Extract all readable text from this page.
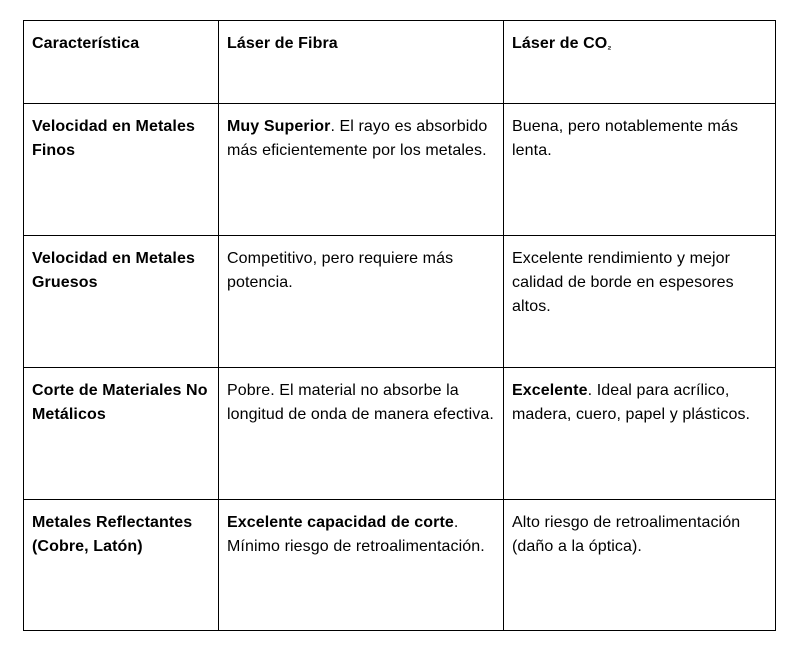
Característica	Láser de Fibra	Láser de CO₂
Velocidad en Metales Finos	Muy Superior. El rayo es absorbido más eficientemente por los metales.	Buena, pero notablemente más lenta.
Velocidad en Metales Gruesos	Competitivo, pero requiere más potencia.	Excelente rendimiento y mejor calidad de borde en espesores altos.
Corte de Materiales No Metálicos	Pobre. El material no absorbe la longitud de onda de manera efectiva.	Excelente. Ideal para acrílico, madera, cuero, papel y plásticos.
Metales Reflectantes (Cobre, Latón)	Excelente capacidad de corte. Mínimo riesgo de retroalimentación.	Alto riesgo de retroalimentación (daño a la óptica).
